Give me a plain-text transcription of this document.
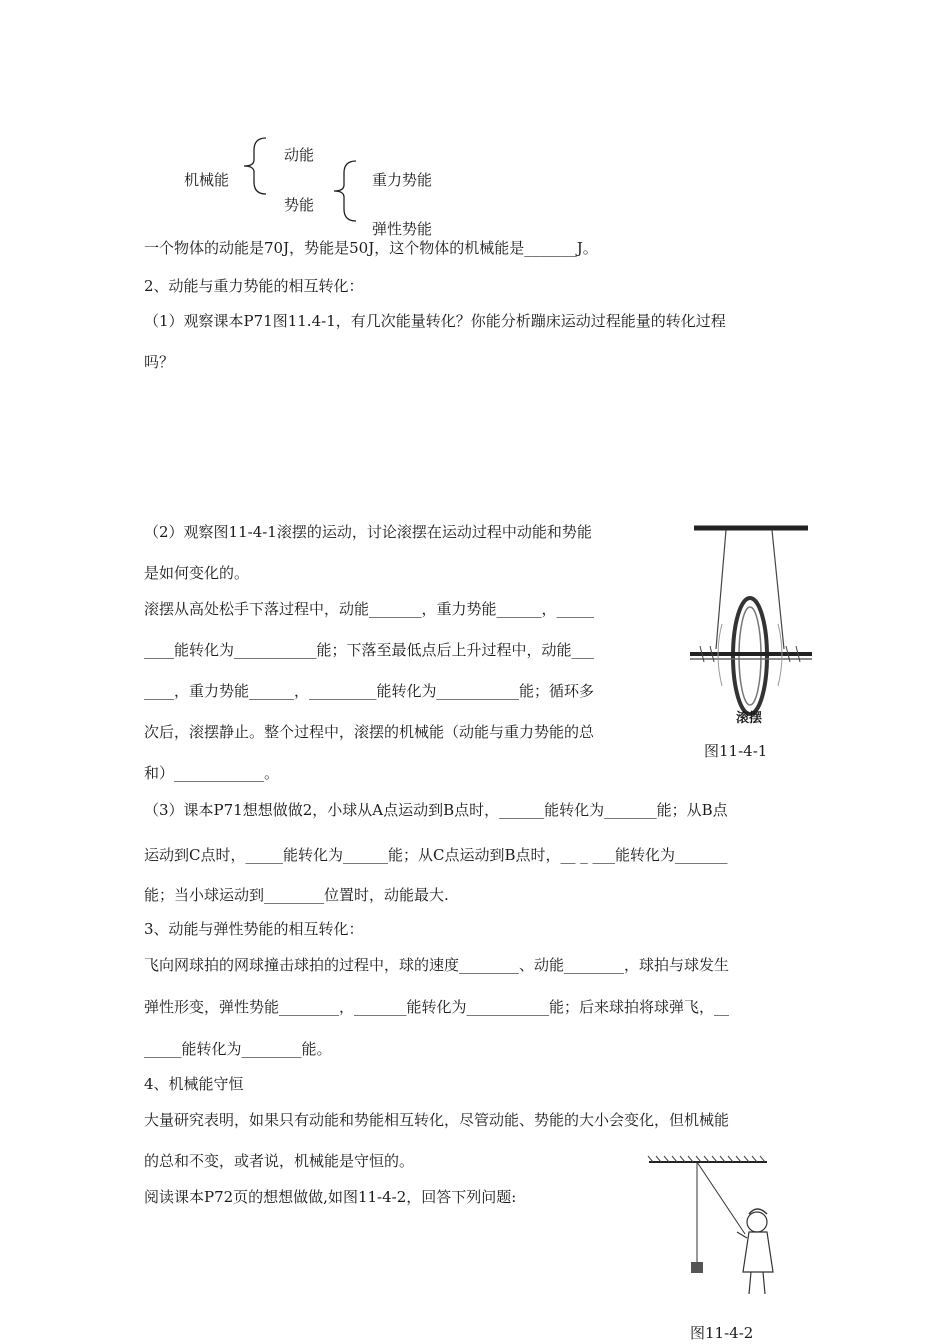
机械能
动能
势能
重力势能
弹性势能
一个物体的动能是70J，势能是50J，这个物体的机械能是_______J。
2、动能与重力势能的相互转化：
（1）观察课本P71图11.4-1，有几次能量转化？你能分析蹦床运动过程能量的转化过程
吗？
（2）观察图11-4-1滚摆的运动，讨论滚摆在运动过程中动能和势能
是如何变化的。
滚摆从高处松手下落过程中，动能_______，重力势能______，_____
____能转化为___________能；下落至最低点后上升过程中，动能___
____，重力势能______，_________能转化为___________能；循环多
次后，滚摆静止。整个过程中，滚摆的机械能（动能与重力势能的总
和）____________。
滚摆
图11-4-1
（3）课本P71想想做做2，小球从A点运动到B点时，______能转化为_______能；从B点
运动到C点时，_____能转化为______能；从C点运动到B点时，__ _ ___能转化为_______
能；当小球运动到________位置时，动能最大.
3、动能与弹性势能的相互转化：
飞向网球拍的网球撞击球拍的过程中，球的速度________、动能________，球拍与球发生
弹性形变，弹性势能________，_______能转化为___________能；后来球拍将球弹飞，__
_____能转化为________能。
4、机械能守恒
大量研究表明，如果只有动能和势能相互转化，尽管动能、势能的大小会变化，但机械能
的总和不变，或者说，机械能是守恒的。
阅读课本P72页的想想做做,如图11-4-2，回答下列问题:
图11-4-2
